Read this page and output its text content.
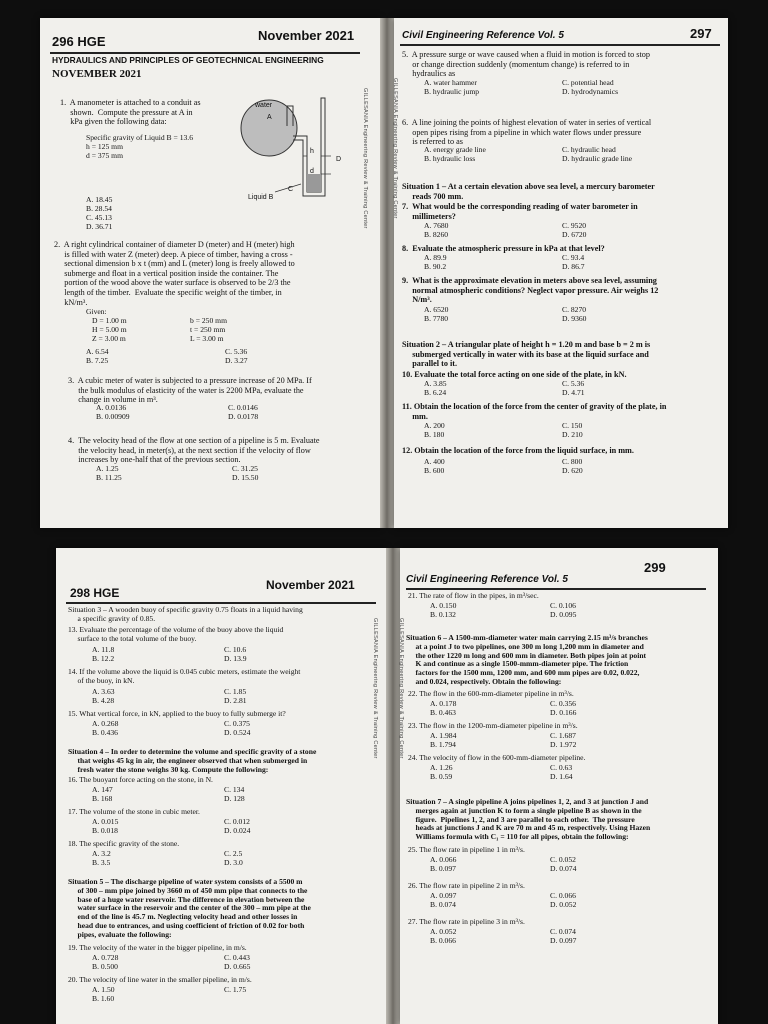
296 HGE	November 2021
HYDRAULICS AND PRINCIPLES OF GEOTECHNICAL ENGINEERING
NOVEMBER 2021
1.  A manometer is attached to a conduit as
shown.  Compute the pressure at A in
kPa given the following data:
Specific gravity of Liquid B = 13.6
h = 125 mm
d = 375 mm
water
A
h
d
D
C
Liquid B
A. 18.45
B. 28.54
C. 45.13
D. 36.71
2.  A right cylindrical container of diameter D (meter) and H (meter) high
is filled with water Z (meter) deep. A piece of timber, having a cross -
sectional dimension b x t (mm) and L (meter) long is freely allowed to
submerge and float in a vertical position inside the container. The
portion of the wood above the water surface is observed to be 2/3 the
length of the timber.  Evaluate the specific weight of the timber, in
kN/m³.
Given:
D = 1.00 m
H = 5.00 m
Z = 3.00 m
b = 250 mm
t = 250 mm
L = 3.00 m
A. 6.54
B. 7.25
C. 5.36
D. 3.27
3.  A cubic meter of water is subjected to a pressure increase of 20 MPa. If
the bulk modulus of elasticity of the water is 2200 MPa, evaluate the
change in volume in m³.
A. 0.0136
B. 0.00909
C. 0.0146
D. 0.0178
4.  The velocity head of the flow at one section of a pipeline is 5 m. Evaluate
the velocity head, in meter(s), at the next section if the velocity of flow
increases by one-half that of the previous section.
A. 1.25
B. 11.25
C. 31.25
D. 15.50
GILLESANIA Engineering Review & Training Center
Civil Engineering Reference Vol. 5	297
5.  A pressure surge or wave caused when a fluid in motion is forced to stop
or change direction suddenly (momentum change) is referred to in
hydraulics as
A. water hammer
B. hydraulic jump
C. potential head
D. hydrodynamics
6.  A line joining the points of highest elevation of water in series of vertical
open pipes rising from a pipeline in which water flows under pressure
is referred to as
A. energy grade line
B. hydraulic loss
C. hydraulic head
D. hydraulic grade line
Situation 1 – At a certain elevation above sea level, a mercury barometer
reads 700 mm.
7.  What would be the corresponding reading of water barometer in
millimeters?
A. 7680
B. 8260
C. 9520
D. 6720
8.  Evaluate the atmospheric pressure in kPa at that level?
A. 89.9
B. 90.2
C. 93.4
D. 86.7
9.  What is the approximate elevation in meters above sea level, assuming
normal atmospheric conditions? Neglect vapor pressure. Air weighs 12
N/m³.
A. 6520
B. 7780
C. 8270
D. 9360
Situation 2 – A triangular plate of height h = 1.20 m and base b = 2 m is
submerged vertically in water with its base at the liquid surface and
parallel to it.
10. Evaluate the total force acting on one side of the plate, in kN.
A. 3.85
B. 6.24
C. 5.36
D. 4.71
11. Obtain the location of the force from the center of gravity of the plate, in
mm.
A. 200
B. 180
C. 150
D. 210
12. Obtain the location of the force from the liquid surface, in mm.
A. 400
B. 600
C. 800
D. 620
GILLESANIA Engineering Review & Training Center
298 HGE
November 2021
Situation 3 – A wooden buoy of specific gravity 0.75 floats in a liquid having
a specific gravity of 0.85.
13. Evaluate the percentage of the volume of the buoy above the liquid
surface to the total volume of the buoy.
A. 11.8
B. 12.2
C. 10.6
D. 13.9
14. If the volume above the liquid is 0.045 cubic meters, estimate the weight
of the buoy, in kN.
A. 3.63
B. 4.28
C. 1.85
D. 2.81
15. What vertical force, in kN, applied to the buoy to fully submerge it?
A. 0.268
B. 0.436
C. 0.375
D. 0.524
Situation 4 – In order to determine the volume and specific gravity of a stone
that weighs 45 kg in air, the engineer observed that when submerged in
fresh water the stone weighs 30 kg. Compute the following:
16. The buoyant force acting on the stone, in N.
A. 147
B. 168
C. 134
D. 128
17. The volume of the stone in cubic meter.
A. 0.015
B. 0.018
C. 0.012
D. 0.024
18. The specific gravity of the stone.
A. 3.2
B. 3.5
C. 2.5
D. 3.0
Situation 5 – The discharge pipeline of water system consists of a 5500 m
of 300 – mm pipe joined by 3660 m of 450 mm pipe that connects to the
base of a huge water reservoir. The difference in elevation between the
water surface in the reservoir and the center of the 300 – mm pipe at the
end of the line is 45.7 m. Neglecting velocity head and other losses in
head due to entrances, and using coefficient of friction of 0.02 for both
pipes, evaluate the following:
19. The velocity of the water in the bigger pipeline, in m/s.
A. 0.728
B. 0.500
C. 0.443
D. 0.665
20. The velocity of line water in the smaller pipeline, in m/s.
A. 1.50
B. 1.60
C. 1.75
GILLESANIA Engineering Review & Training Center
Civil Engineering Reference Vol. 5
299
21. The rate of flow in the pipes, in m³/sec.
A. 0.150
B. 0.132
C. 0.106
D. 0.095
Situation 6 – A 1500-mm-diameter water main carrying 2.15 m³/s branches
at a point J to two pipelines, one 300 m long 1,200 mm in diameter and
the other 1220 m long and 600 mm in diameter. Both pipes join at point
K and continue as a single 1500-mmm-diameter pipe. The friction
factors for the 1500 mm, 1200 mm, and 600 mm pipes are 0.02, 0.022,
and 0.024, respectively. Obtain the following:
22. The flow in the 600-mm-diameter pipeline in m³/s.
A. 0.178
B. 0.463
C. 0.356
D. 0.166
23. The flow in the 1200-mm-diameter pipeline in m³/s.
A. 1.984
B. 1.794
C. 1.687
D. 1.972
24. The velocity of flow in the 600-mm-diameter pipeline.
A. 1.26
B. 0.59
C. 0.63
D. 1.64
Situation 7 – A single pipeline A joins pipelines 1, 2, and 3 at junction J and
merges again at junction K to form a single pipeline B as shown in the
figure.  Pipelines 1, 2, and 3 are parallel to each other.  The pressure
heads at junctions J and K are 70 m and 45 m, respectively. Using Hazen
Williams formula with C₁ = 110 for all pipes, obtain the following:
25. The flow rate in pipeline 1 in m³/s.
A. 0.066
B. 0.097
C. 0.052
D. 0.074
26. The flow rate in pipeline 2 in m³/s.
A. 0.097
B. 0.074
C. 0.066
D. 0.052
27. The flow rate in pipeline 3 in m³/s.
A. 0.052
B. 0.066
C. 0.074
D. 0.097
GILLESANIA Engineering Review & Training Center
